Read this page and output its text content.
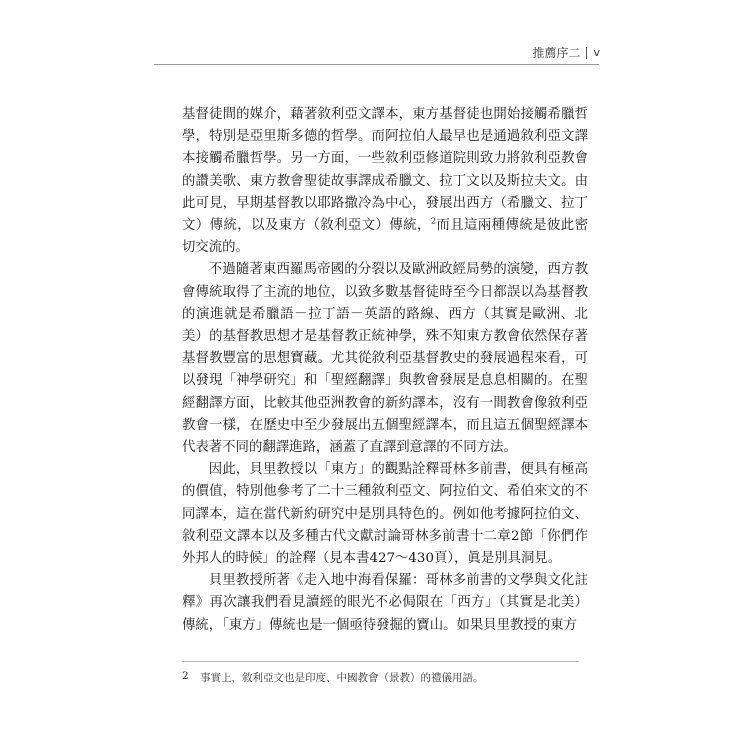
推薦序二 v

基督徒間的媒介，藉著敘利亞文譯本，東方基督徒也開始接觸希臘哲學，特別是亞里斯多德的哲學。而阿拉伯人最早也是通過敘利亞文譯本接觸希臘哲學。另一方面，一些敘利亞修道院則致力將敘利亞教會的讚美歌、東方教會聖徒故事譯成希臘文、拉丁文以及斯拉夫文。由此可見，早期基督教以耶路撒冷為中心，發展出西方（希臘文、拉丁文）傳統，以及東方（敘利亞文）傳統，$^2$而且這兩種傳統是彼此密切交流的。

不過隨著東西羅馬帝國的分裂以及歐洲政經局勢的演變，西方教會傳統取得了主流的地位，以致多數基督徒時至今日都誤以為基督教的演進就是希臘語－拉丁語－英語的路線、西方（其實是歐洲、北美）的基督教思想才是基督教正統神學，殊不知東方教會依然保存著基督教豐富的思想寶藏。尤其從敘利亞基督教史的發展過程來看，可以發現「神學研究」和「聖經翻譯」與教會發展是息息相關的。在聖經翻譯方面，比較其他亞洲教會的新約譯本，沒有一間教會像敘利亞教會一樣，在歷史中至少發展出五個聖經譯本，而且這五個聖經譯本代表著不同的翻譯進路，涵蓋了直譯到意譯的不同方法。

因此，貝里教授以「東方」的觀點詮釋哥林多前書，便具有極高的價值，特別他參考了二十三種敘利亞文、阿拉伯文、希伯來文的不同譯本，這在當代新約研究中是別具特色的。例如他考據阿拉伯文、敘利亞文譯本以及多種古代文獻討論哥林多前書十二章2節「你們作外邦人的時候」的詮釋（見本書427～430頁），眞是別具洞見。

貝里教授所著《走入地中海看保羅：哥林多前書的文學與文化註釋》再次讓我們看見讀經的眼光不必侷限在「西方」（其實是北美）傳統，「東方」傳統也是一個亟待發掘的寶山。如果貝里教授的東方

2	事實上，敘利亞文也是印度、中國教會（景教）的禮儀用語。
